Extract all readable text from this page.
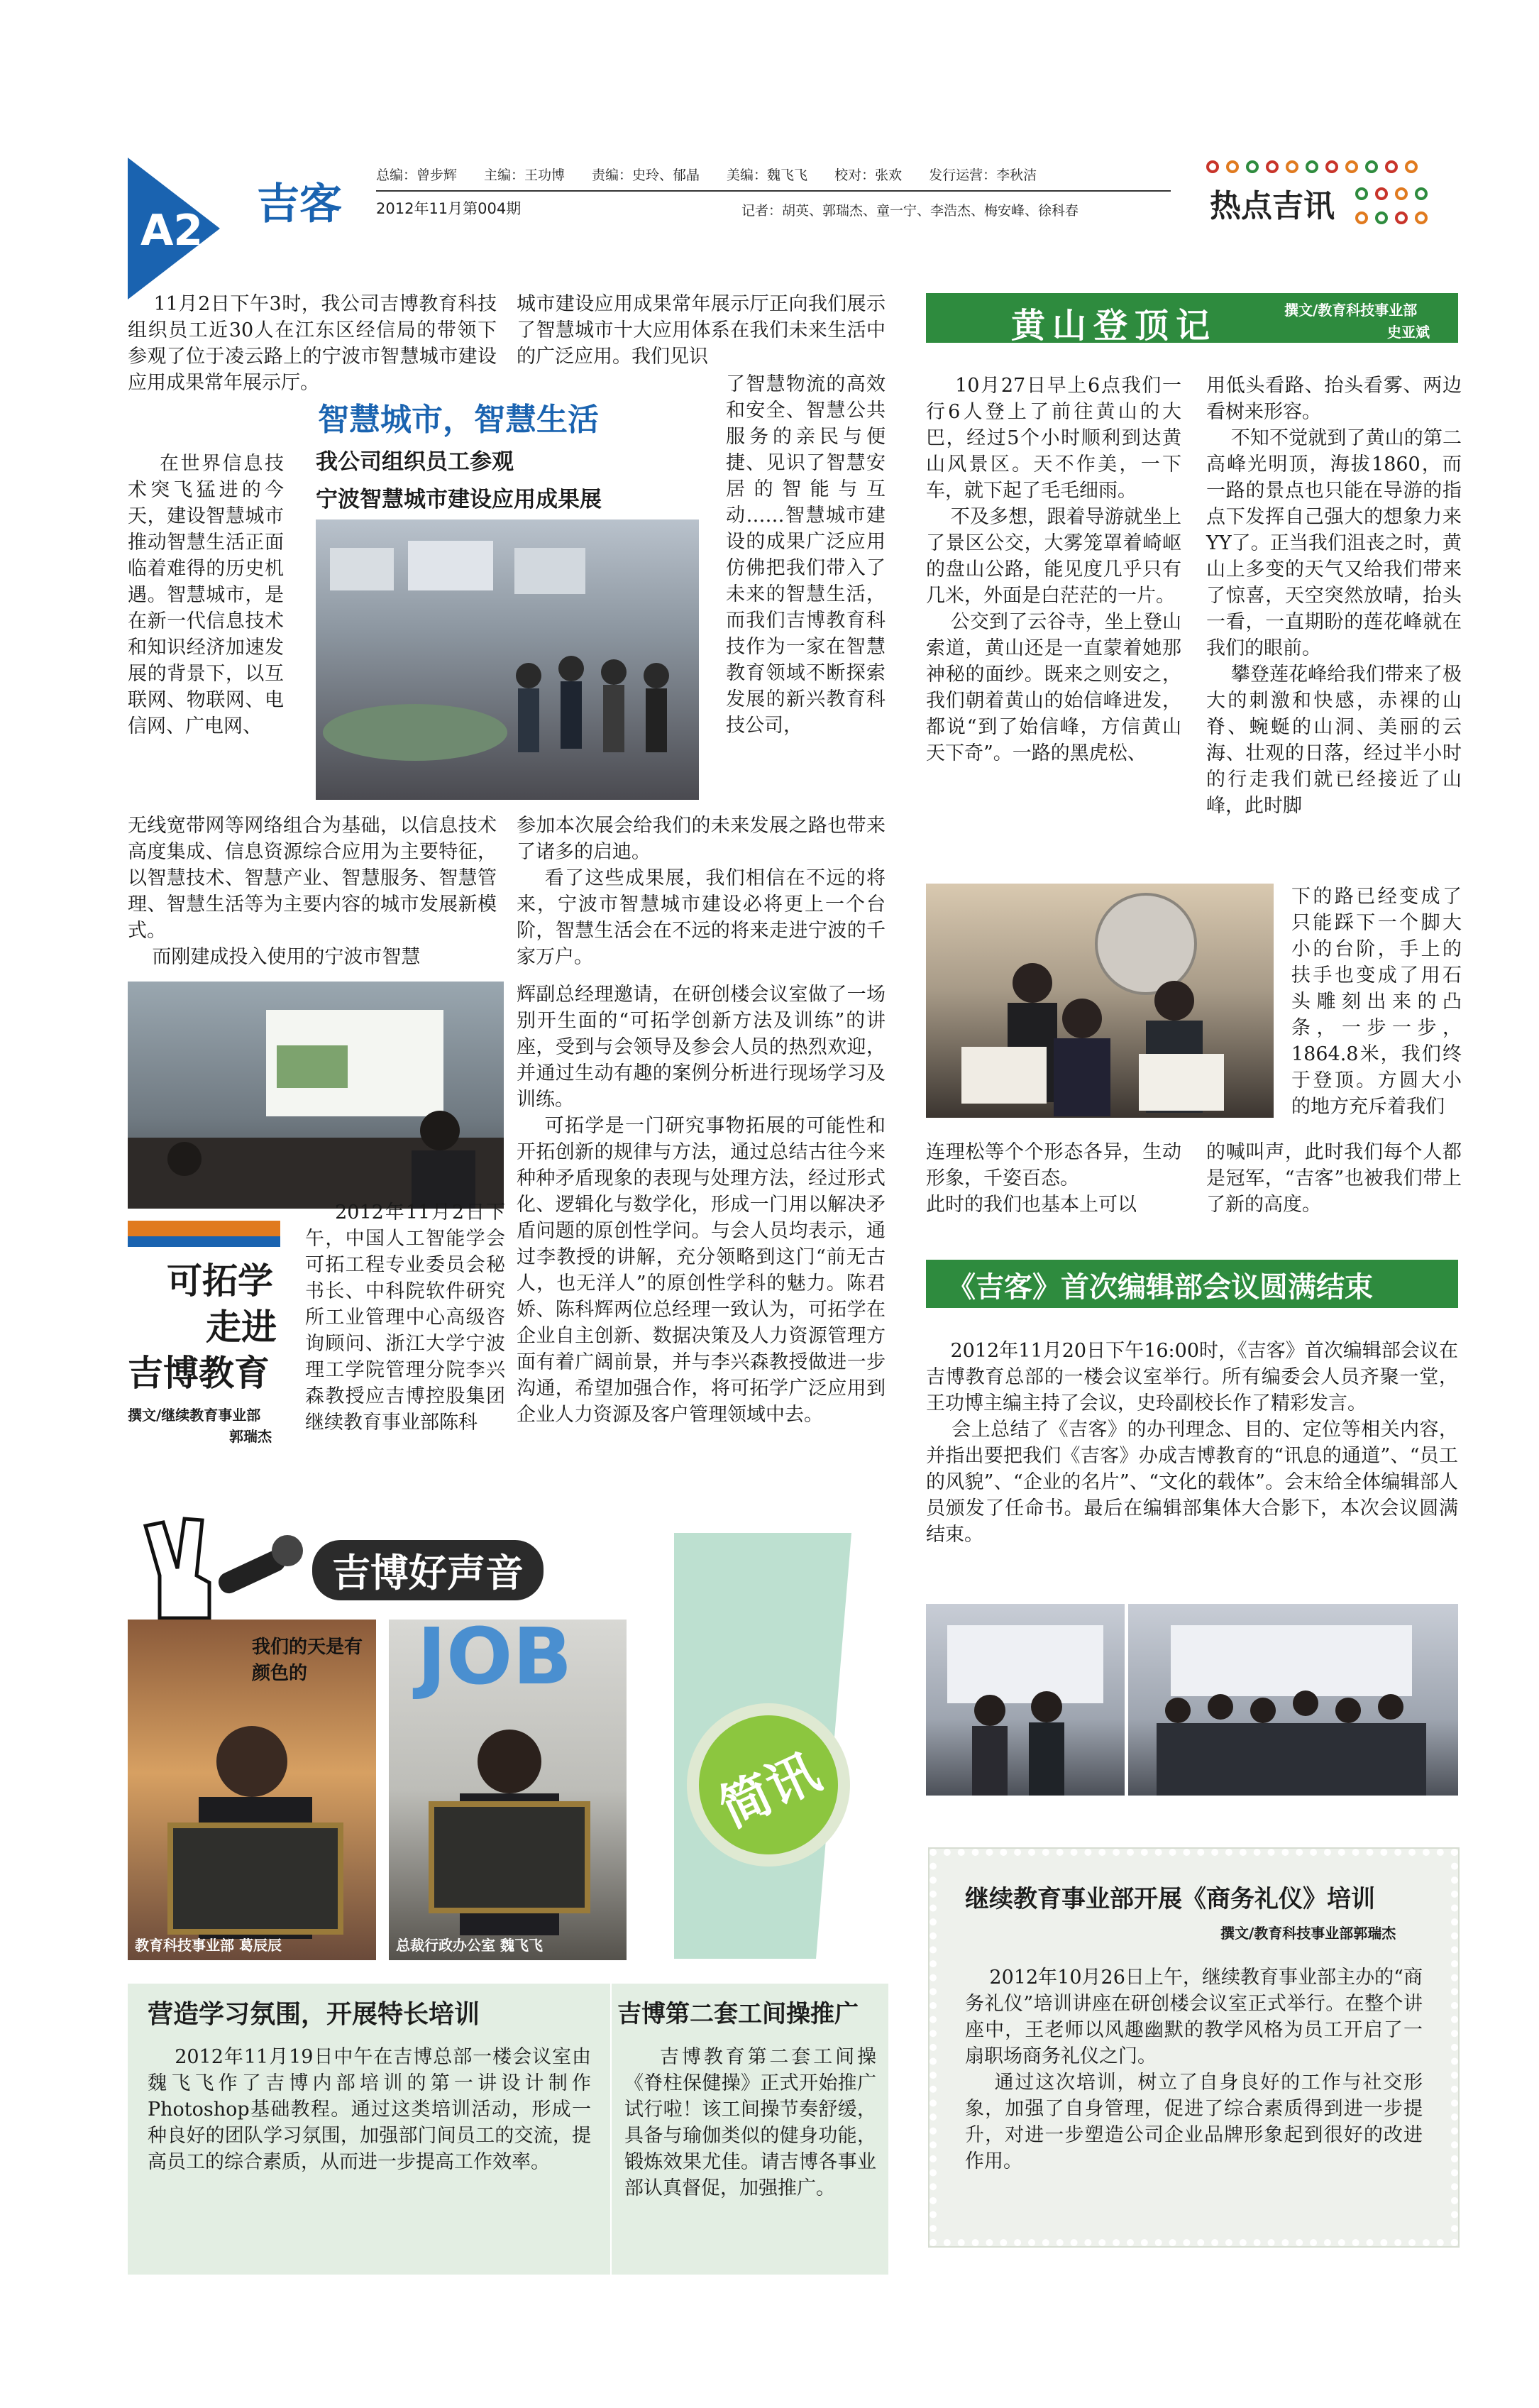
A2
吉客
总编：曾步辉 主编：王功博 责编：史玲、郁晶 美编：魏飞飞 校对：张欢 发行运营：李秋洁
2012年11月第004期	记者：胡英、郭瑞杰、童一宁、李浩杰、梅安峰、徐科春	热点吉讯
11月2日下午3时，我公司吉博教育科技组织员工近30人在江东区经信局的带领下参观了位于凌云路上的宁波市智慧城市建设应用成果常年展示厅。
在世界信息技术突飞猛进的今天，建设智慧城市推动智慧生活正面临着难得的历史机遇。智慧城市，是在新一代信息技术和知识经济加速发展的背景下，以互联网、物联网、电信网、广电网、
无线宽带网等网络组合为基础，以信息技术高度集成、信息资源综合应用为主要特征，以智慧技术、智慧产业、智慧服务、智慧管理、智慧生活等为主要内容的城市发展新模式。
而刚建成投入使用的宁波市智慧
城市建设应用成果常年展示厅正向我们展示了智慧城市十大应用体系在我们未来生活中的广泛应用。我们见识
了智慧物流的高效和安全、智慧公共服务的亲民与便捷、见识了智慧安居的智能与互动……智慧城市建设的成果广泛应用仿佛把我们带入了未来的智慧生活，而我们吉博教育科技作为一家在智慧教育领域不断探索发展的新兴教育科技公司，
参加本次展会给我们的未来发展之路也带来了诸多的启迪。
看了这些成果展，我们相信在不远的将来，宁波市智慧城市建设必将更上一个台阶，智慧生活会在不远的将来走进宁波的千家万户。
智慧城市，智慧生活
我公司组织员工参观
宁波智慧城市建设应用成果展
黄山登顶记	撰文/教育科技事业部
史亚斌
10月27日早上6点我们一行6人登上了前往黄山的大巴，经过5个小时顺利到达黄山风景区。天不作美，一下车，就下起了毛毛细雨。
不及多想，跟着导游就坐上了景区公交，大雾笼罩着崎岖的盘山公路，能见度几乎只有几米，外面是白茫茫的一片。
公交到了云谷寺，坐上登山索道，黄山还是一直蒙着她那神秘的面纱。既来之则安之，我们朝着黄山的始信峰进发，都说“到了始信峰，方信黄山天下奇”。一路的黑虎松、
用低头看路、抬头看雾、两边看树来形容。
不知不觉就到了黄山的第二高峰光明顶，海拔1860，而一路的景点也只能在导游的指点下发挥自己强大的想象力来YY了。正当我们沮丧之时，黄山上多变的天气又给我们带来了惊喜，天空突然放晴，抬头一看，一直期盼的莲花峰就在我们的眼前。
攀登莲花峰给我们带来了极大的刺激和快感，赤裸的山脊、蜿蜒的山洞、美丽的云海、壮观的日落，经过半小时的行走我们就已经接近了山峰，此时脚
下的路已经变成了只能踩下一个脚大小的台阶，手上的扶手也变成了用石头雕刻出来的凸条，一步一步，1864.8米，我们终于登顶。方圆大小的地方充斥着我们
连理松等个个形态各异，生动形象，千姿百态。
此时的我们也基本上可以
的喊叫声，此时我们每个人都是冠军，“吉客”也被我们带上了新的高度。
可拓学
走进
吉博教育
撰文/继续教育事业部
郭瑞杰
2012年11月2日下午，中国人工智能学会可拓工程专业委员会秘书长、中科院软件研究所工业管理中心高级咨询顾问、浙江大学宁波理工学院管理分院李兴森教授应吉博控股集团继续教育事业部陈科
辉副总经理邀请，在研创楼会议室做了一场别开生面的“可拓学创新方法及训练”的讲座，受到与会领导及参会人员的热烈欢迎，并通过生动有趣的案例分析进行现场学习及训练。
可拓学是一门研究事物拓展的可能性和开拓创新的规律与方法，通过总结古往今来种种矛盾现象的表现与处理方法，经过形式化、逻辑化与数学化，形成一门用以解决矛盾问题的原创性学问。与会人员均表示，通过李教授的讲解，充分领略到这门“前无古人，也无洋人”的原创性学科的魅力。陈君娇、陈科辉两位总经理一致认为，可拓学在企业自主创新、数据决策及人力资源管理方面有着广阔前景，并与李兴森教授做进一步沟通，希望加强合作，将可拓学广泛应用到企业人力资源及客户管理领域中去。
《吉客》首次编辑部会议圆满结束
2012年11月20日下午16:00时，《吉客》首次编辑部会议在吉博教育总部的一楼会议室举行。所有编委会人员齐聚一堂，王功博主编主持了会议，史玲副校长作了精彩发言。
会上总结了《吉客》的办刊理念、目的、定位等相关内容，并指出要把我们《吉客》办成吉博教育的“讯息的通道”、“员工的风貌”、“企业的名片”、“文化的载体”。会末给全体编辑部人员颁发了任命书。最后在编辑部集体大合影下，本次会议圆满结束。
吉博好声音
我们的天是有颜色的
教育科技事业部 葛辰辰
JOB
总裁行政办公室 魏飞飞
简讯
营造学习氛围，开展特长培训
2012年11月19日中午在吉博总部一楼会议室由魏飞飞作了吉博内部培训的第一讲设计制作Photoshop基础教程。通过这类培训活动，形成一种良好的团队学习氛围，加强部门间员工的交流，提高员工的综合素质，从而进一步提高工作效率。
吉博第二套工间操推广
吉博教育第二套工间操《脊柱保健操》正式开始推广试行啦！该工间操节奏舒缓，具备与瑜伽类似的健身功能，锻炼效果尤佳。请吉博各事业部认真督促，加强推广。
继续教育事业部开展《商务礼仪》培训
撰文/教育科技事业部郭瑞杰
2012年10月26日上午，继续教育事业部主办的“商务礼仪”培训讲座在研创楼会议室正式举行。在整个讲座中，王老师以风趣幽默的教学风格为员工开启了一扇职场商务礼仪之门。
通过这次培训，树立了自身良好的工作与社交形象，加强了自身管理，促进了综合素质得到进一步提升，对进一步塑造公司企业品牌形象起到很好的改进作用。
